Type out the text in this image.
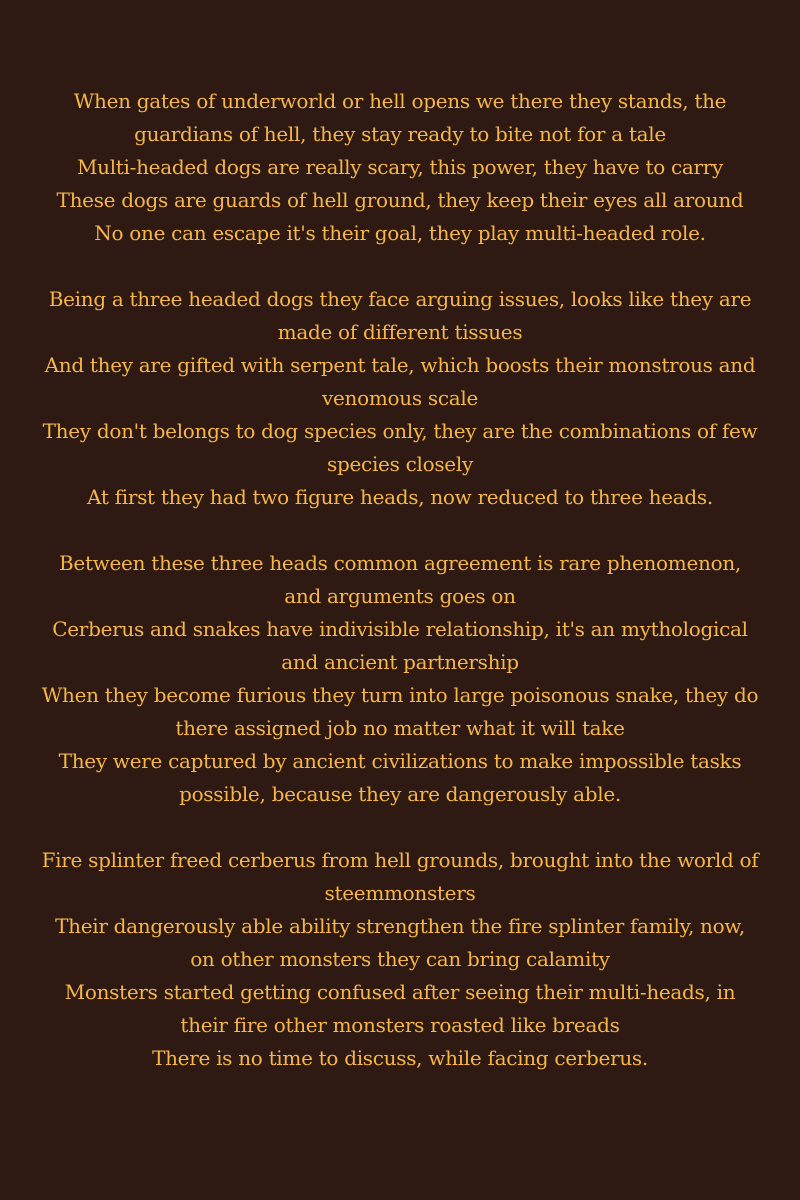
When gates of underworld or hell opens we there they stands, the guardians of hell, they stay ready to bite not for a tale
Multi-headed dogs are really scary, this power, they have to carry
These dogs are guards of hell ground, they keep their eyes all around
No one can escape it's their goal, they play multi-headed role.

Being a three headed dogs they face arguing issues, looks like they are made of different tissues
And they are gifted with serpent tale, which boosts their monstrous and venomous scale
They don't belongs to dog species only, they are the combinations of few species closely
At first they had two figure heads, now reduced to three heads.

Between these three heads common agreement is rare phenomenon, and arguments goes on
Cerberus and snakes have indivisible relationship, it's an mythological and ancient partnership
When they become furious they turn into large poisonous snake, they do there assigned job no matter what it will take
They were captured by ancient civilizations to make impossible tasks possible, because they are dangerously able.

Fire splinter freed cerberus from hell grounds, brought into the world of steemmonsters
Their dangerously able ability strengthen the fire splinter family, now, on other monsters they can bring calamity
Monsters started getting confused after seeing their multi-heads, in their fire other monsters roasted like breads
There is no time to discuss, while facing cerberus.
